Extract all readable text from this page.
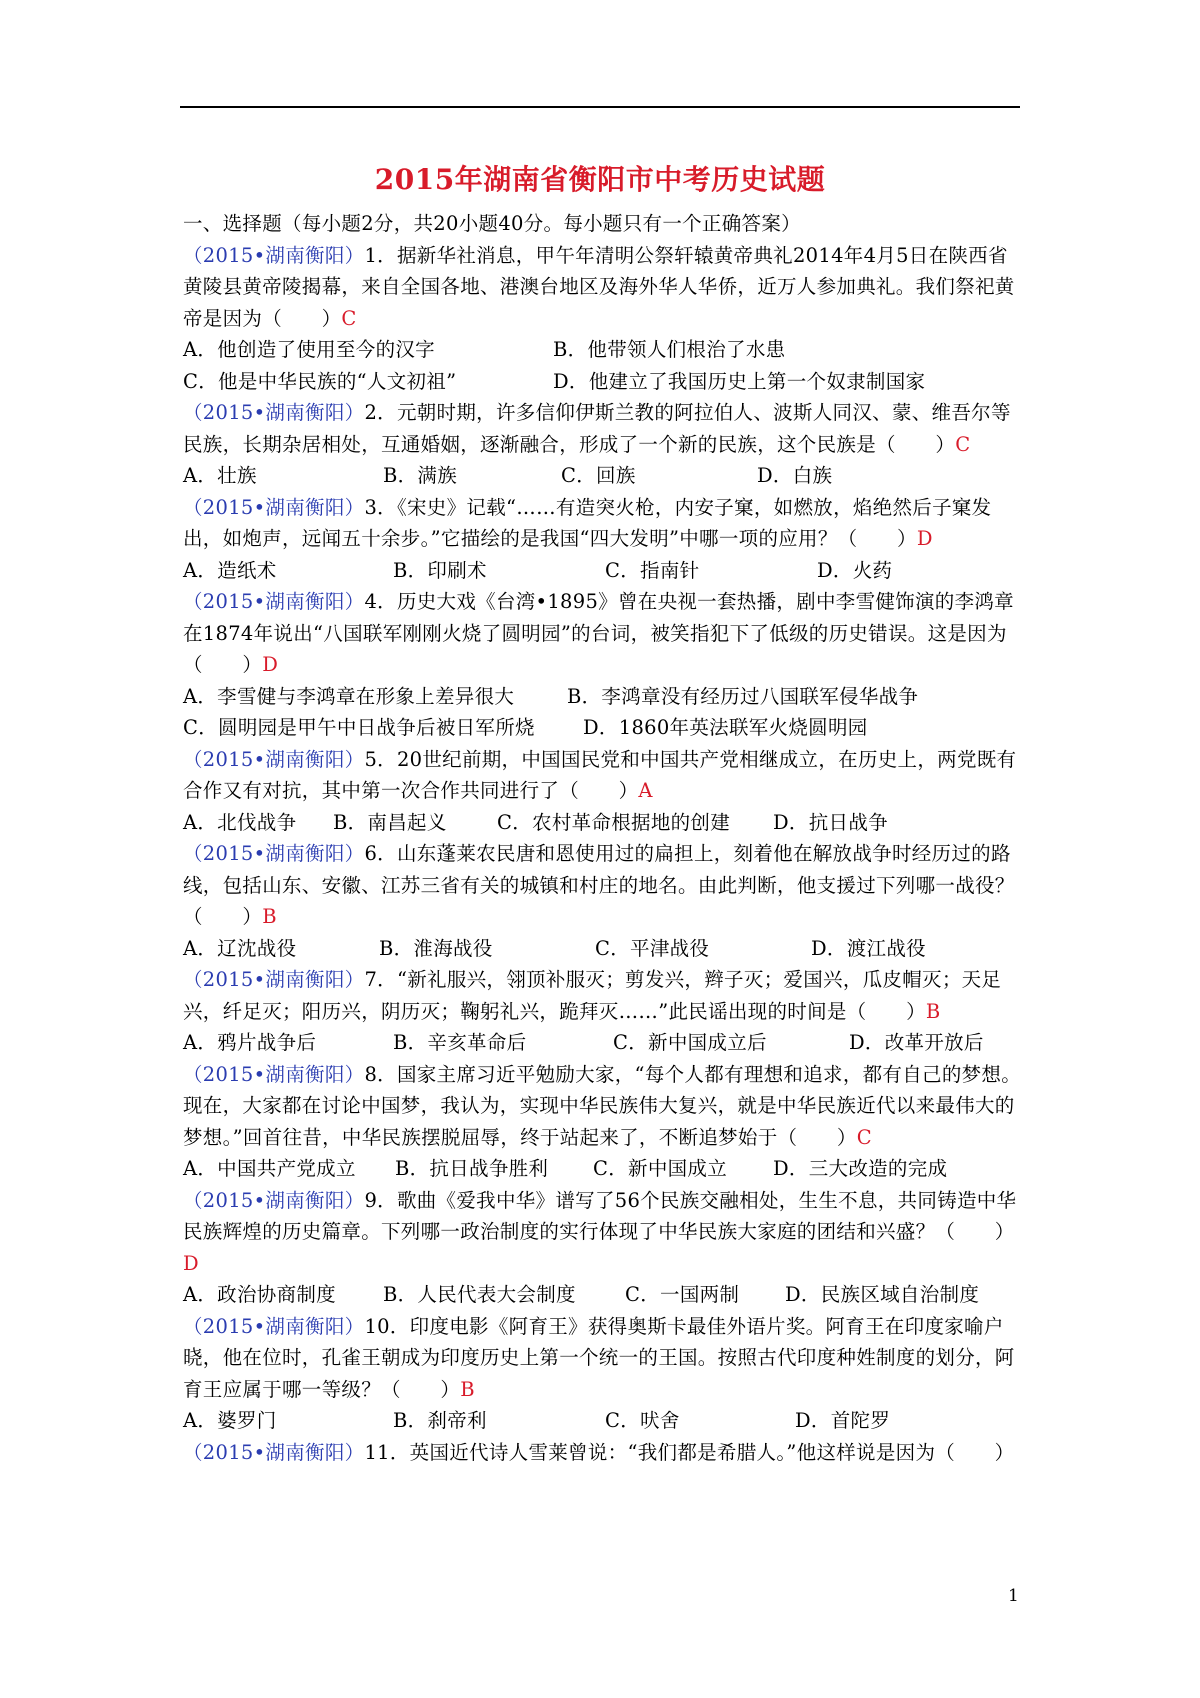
2015年湖南省衡阳市中考历史试题

一、选择题（每小题2分，共20小题40分。每小题只有一个正确答案）

（2015•湖南衡阳）1．据新华社消息，甲午年清明公祭轩辕黄帝典礼2014年4月5日在陕西省黄陵县黄帝陵揭幕，来自全国各地、港澳台地区及海外华人华侨，近万人参加典礼。我们祭祀黄帝是因为（　　）C

A．他创造了使用至今的汉字	B．他带领人们根治了水患
C．他是中华民族的“人文初祖”	D．他建立了我国历史上第一个奴隶制国家

（2015•湖南衡阳）2．元朝时期，许多信仰伊斯兰教的阿拉伯人、波斯人同汉、蒙、维吾尔等民族，长期杂居相处，互通婚姻，逐渐融合，形成了一个新的民族，这个民族是（　　）C

A．壮族	B．满族	C．回族	D．白族

（2015•湖南衡阳）3．《宋史》记载“……有造突火枪，内安子窠，如燃放，焰绝然后子窠发出，如炮声，远闻五十余步。”它描绘的是我国“四大发明”中哪一项的应用？（　　）D

A．造纸术	B．印刷术	C．指南针	D．火药

（2015•湖南衡阳）4．历史大戏《台湾•1895》曾在央视一套热播，剧中李雪健饰演的李鸿章在1874年说出“八国联军刚刚火烧了圆明园”的台词，被笑指犯下了低级的历史错误。这是因为（　　）D

A．李雪健与李鸿章在形象上差异很大	B．李鸿章没有经历过八国联军侵华战争
C．圆明园是甲午中日战争后被日军所烧 D．1860年英法联军火烧圆明园

（2015•湖南衡阳）5．20世纪前期，中国国民党和中国共产党相继成立，在历史上，两党既有合作又有对抗，其中第一次合作共同进行了（　　）A

A．北伐战争 B．南昌起义	C．农村革命根据地的创建 D．抗日战争

（2015•湖南衡阳）6．山东蓬莱农民唐和恩使用过的扁担上，刻着他在解放战争时经历过的路线，包括山东、安徽、江苏三省有关的城镇和村庄的地名。由此判断，他支援过下列哪一战役？（　　）B

A．辽沈战役	B．淮海战役	C．平津战役	D．渡江战役

（2015•湖南衡阳）7．“新礼服兴，翎顶补服灭；剪发兴，辫子灭；爱国兴，瓜皮帽灭；天足兴，纤足灭；阳历兴，阴历灭；鞠躬礼兴，跪拜灭……”此民谣出现的时间是（　　）B

A．鸦片战争后	B．辛亥革命后	C．新中国成立后	D．改革开放后

（2015•湖南衡阳）8．国家主席习近平勉励大家，“每个人都有理想和追求，都有自己的梦想。现在，大家都在讨论中国梦，我认为，实现中华民族伟大复兴，就是中华民族近代以来最伟大的梦想。”回首往昔，中华民族摆脱屈辱，终于站起来了，不断追梦始于（　　）C

A．中国共产党成立 B．抗日战争胜利 C．新中国成立 D．三大改造的完成

（2015•湖南衡阳）9．歌曲《爱我中华》谱写了56个民族交融相处，生生不息，共同铸造中华民族辉煌的历史篇章。下列哪一政治制度的实行体现了中华民族大家庭的团结和兴盛？（　　）D

A．政治协商制度 B．人民代表大会制度	C．一国两制 D．民族区域自治制度

（2015•湖南衡阳）10．印度电影《阿育王》获得奥斯卡最佳外语片奖。阿育王在印度家喻户晓，他在位时，孔雀王朝成为印度历史上第一个统一的王国。按照古代印度种姓制度的划分，阿育王应属于哪一等级？（　　）B

A．婆罗门	B．刹帝利	C．吠舍	D．首陀罗

（2015•湖南衡阳）11．英国近代诗人雪莱曾说：“我们都是希腊人。”他这样说是因为（　　）

1
